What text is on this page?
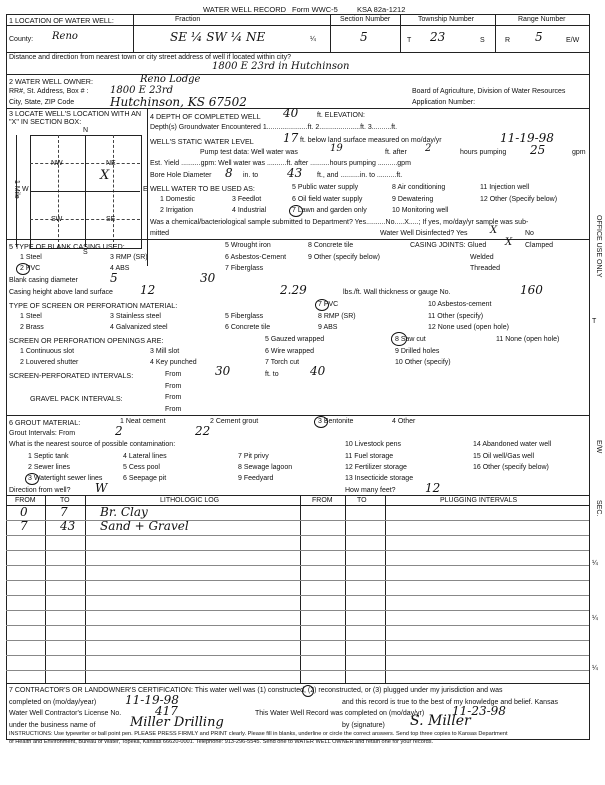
WATER WELL RECORD Form WWC-5	KSA 82a-1212
1 LOCATION OF WATER WELL:	Fraction	Section Number	Township Number	Range Number
County: Reno	SE ¼ SW ¼ NE	¼	5	T 23	S	R 5	E/W
Distance and direction from nearest town or city street address of well if located within city?
1800 E 23rd in Hutchinson
2 WATER WELL OWNER:	Reno Lodge
RR#, St. Address, Box # : 1800 E 23rd	Board of Agriculture, Division of Water Resources
City, State, ZIP Code	Hutchinson, KS 67502	Application Number:
3 LOCATE WELL'S LOCATION WITH AN "X" IN SECTION BOX:
N
S
E
W
NW	NE
SW	SE
X
1 Mile
4 DEPTH OF COMPLETED WELL 40	ft. ELEVATION:
Depth(s) Groundwater Encountered 1.....................ft. 2.....................ft. 3..........ft.
WELL'S STATIC WATER LEVEL 17 ft. below land surface measured on mo/day/yr	11-19-98
Pump test data: Well water was	19	ft. after 2	hours pumping 25	gpm
Est. Yield ..........gpm: Well water was ..........ft. after ..........hours pumping ..........gpm
Bore Hole Diameter 8 in. to 43 ft., and ..........in. to ..........ft.
WELL WATER TO BE USED AS:
1 Domestic
2 Irrigation
3 Feedlot
4 Industrial
5 Public water supply
6 Oil field water supply
7 Lawn and garden only
8 Air conditioning
9 Dewatering
10 Monitoring well
11 Injection well
12 Other (Specify below)
Was a chemical/bacteriological sample submitted to Department? Yes..........No.....X.....; If yes, mo/day/yr sample was sub-
mitted	Water Well Disinfected? Yes X	No
5 TYPE OF BLANK CASING USED:
1 Steel
2 PVC
3 RMP (SR)
4 ABS
5 Wrought iron
6 Asbestos-Cement
7 Fiberglass
8 Concrete tile
9 Other (specify below)
CASING JOINTS: Glued X Clamped
Welded
Threaded
Blank casing diameter	5	30
Casing height above land surface 12	2.29	lbs./ft. Wall thickness or gauge No.	160
TYPE OF SCREEN OR PERFORATION MATERIAL:
1 Steel
2 Brass
3 Stainless steel
4 Galvanized steel
5 Fiberglass
6 Concrete tile
7 PVC
8 RMP (SR)
9 ABS
10 Asbestos-cement
11 Other (specify)
12 None used (open hole)
SCREEN OR PERFORATION OPENINGS ARE:
1 Continuous slot
2 Louvered shutter
3 Mill slot
4 Key punched
5 Gauzed wrapped
6 Wire wrapped
7 Torch cut
8 Saw cut
9 Drilled holes
10 Other (specify)
11 None (open hole)
SCREEN-PERFORATED INTERVALS:	From	30	ft. to	40
From
GRAVEL PACK INTERVALS:	From
From
6 GROUT MATERIAL:	1 Neat cement	2 Cement grout	3 Bentonite	4 Other
Grout Intervals: From	2	22
What is the nearest source of possible contamination:
1 Septic tank
2 Sewer lines
3 Watertight sewer lines
4 Lateral lines
5 Cess pool
6 Seepage pit
7 Pit privy
8 Sewage lagoon
9 Feedyard
10 Livestock pens
11 Fuel storage
12 Fertilizer storage
13 Insecticide storage
14 Abandoned water well
15 Oil well/Gas well
16 Other (specify below)
Direction from well? W	How many feet? 12
FROM	TO	LITHOLOGIC LOG	FROM	TO	PLUGGING INTERVALS
0	7	Br. Clay
7	43 Sand + Gravel
7 CONTRACTOR'S OR LANDOWNER'S CERTIFICATION: This water well was (1) constructed, (2) reconstructed, or (3) plugged under my jurisdiction and was
completed on (mo/day/year) 11-19-98	and this record is true to the best of my knowledge and belief. Kansas
Water Well Contractor's License No.	417	This Water Well Record was completed on (mo/day/yr) 11-23-98
under the business name of	Miller Drilling	by (signature) S. Miller
INSTRUCTIONS: Use typewriter or ball point pen. PLEASE PRESS FIRMLY and PRINT clearly. Please fill in blanks, underline or circle the correct answers. Send top three copies to Kansas Department
of Health and Environment, Bureau of Water, Topeka, Kansas 66620-0001. Telephone: 913-296-5545. Send one to WATER WELL OWNER and retain one for your records.
OFFICE USE ONLY
T
E/W
SEC.
¼
¼
¼
